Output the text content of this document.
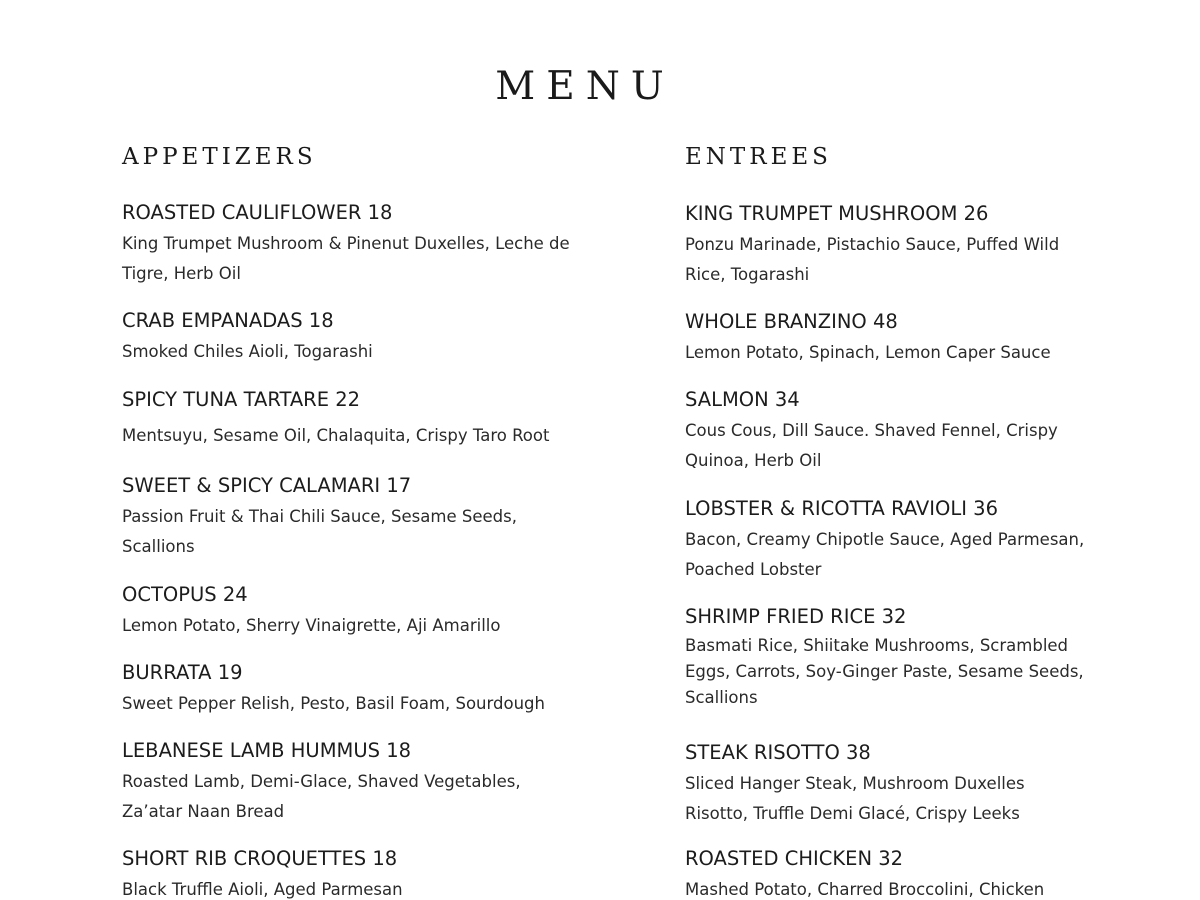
MENU
APPETIZERS

ROASTED CAULIFLOWER 18

King Trumpet Mushroom & Pinenut Duxelles, Leche de Tigre, Herb Oil

CRAB EMPANADAS 18

Smoked Chiles Aioli, Togarashi

SPICY TUNA TARTARE 22

Mentsuyu, Sesame Oil, Chalaquita, Crispy Taro Root

SWEET & SPICY CALAMARI 17

Passion Fruit & Thai Chili Sauce, Sesame Seeds, Scallions

OCTOPUS 24

Lemon Potato, Sherry Vinaigrette, Aji Amarillo

BURRATA 19

Sweet Pepper Relish, Pesto, Basil Foam, Sourdough

LEBANESE LAMB HUMMUS 18

Roasted Lamb, Demi-Glace, Shaved Vegetables, Za’atar Naan Bread

SHORT RIB CROQUETTES 18

Black Truffle Aioli, Aged Parmesan

ENTREES

KING TRUMPET MUSHROOM 26

Ponzu Marinade, Pistachio Sauce, Puffed Wild Rice, Togarashi

WHOLE BRANZINO 48

Lemon Potato, Spinach, Lemon Caper Sauce

SALMON 34

Cous Cous, Dill Sauce. Shaved Fennel, Crispy Quinoa, Herb Oil

LOBSTER & RICOTTA RAVIOLI 36

Bacon, Creamy Chipotle Sauce, Aged Parmesan, Poached Lobster

SHRIMP FRIED RICE 32

Basmati Rice, Shiitake Mushrooms, Scrambled Eggs, Carrots, Soy-Ginger Paste, Sesame Seeds, Scallions

STEAK RISOTTO 38

Sliced Hanger Steak, Mushroom Duxelles Risotto, Truffle Demi Glacé, Crispy Leeks

ROASTED CHICKEN 32

Mashed Potato, Charred Broccolini, Chicken
